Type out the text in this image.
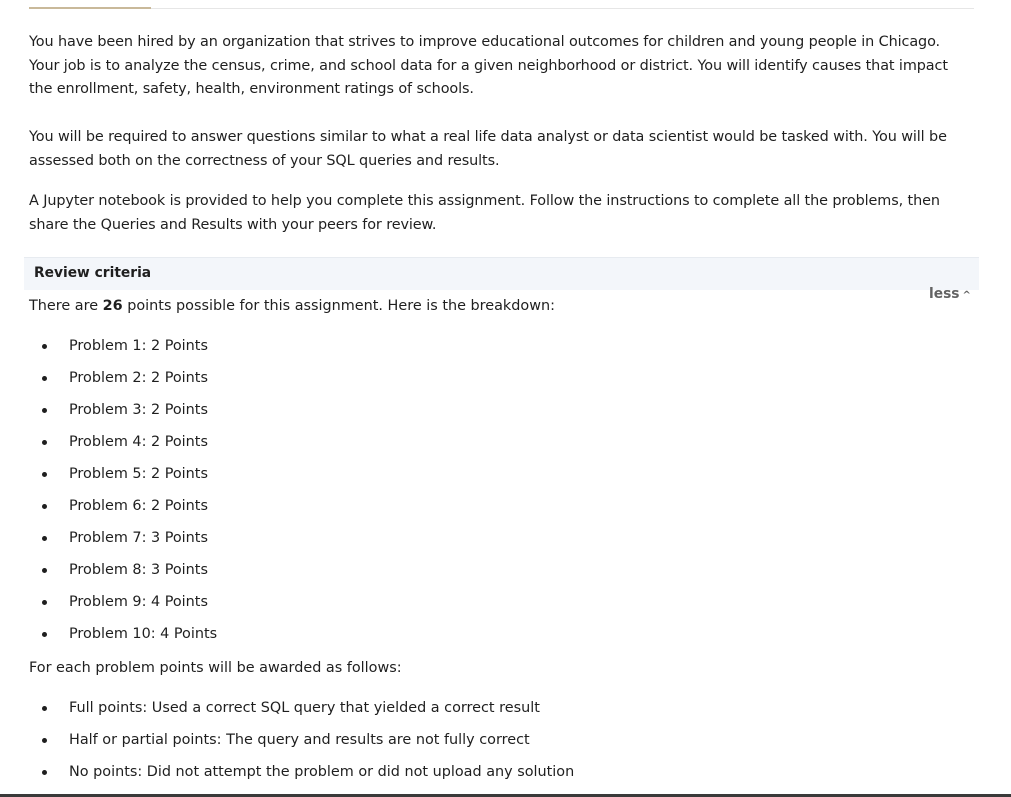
You have been hired by an organization that strives to improve educational outcomes for children and young people in Chicago. Your job is to analyze the census, crime, and school data for a given neighborhood or district. You will identify causes that impact the enrollment, safety, health, environment ratings of schools.

You will be required to answer questions similar to what a real life data analyst or data scientist would be tasked with. You will be assessed both on the correctness of your SQL queries and results.

A Jupyter notebook is provided to help you complete this assignment. Follow the instructions to complete all the problems, then share the Queries and Results with your peers for review.

Review criteria
less ^

There are 26 points possible for this assignment. Here is the breakdown:

Problem 1: 2 Points
Problem 2: 2 Points
Problem 3: 2 Points
Problem 4: 2 Points
Problem 5: 2 Points
Problem 6: 2 Points
Problem 7: 3 Points
Problem 8: 3 Points
Problem 9: 4 Points
Problem 10: 4 Points

For each problem points will be awarded as follows:

Full points: Used a correct SQL query that yielded a correct result
Half or partial points: The query and results are not fully correct
No points: Did not attempt the problem or did not upload any solution
